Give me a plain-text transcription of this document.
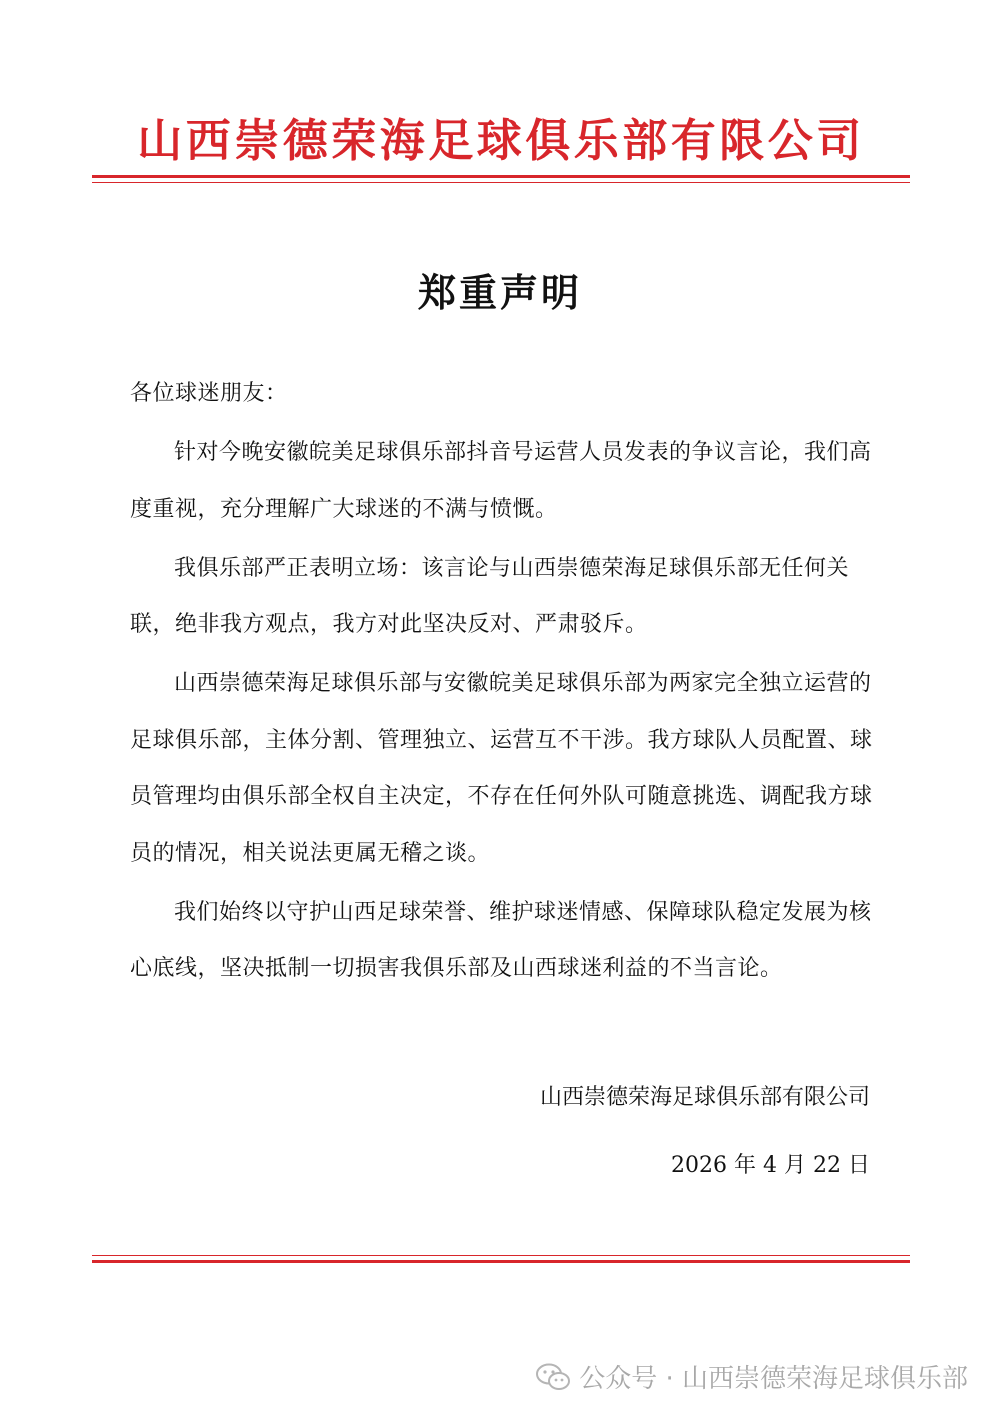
山西崇德荣海足球俱乐部有限公司
郑重声明

各位球迷朋友：

针对今晚安徽皖美足球俱乐部抖音号运营人员发表的争议言论，我们高度重视，充分理解广大球迷的不满与愤慨。

我俱乐部严正表明立场：该言论与山西崇德荣海足球俱乐部无任何关联，绝非我方观点，我方对此坚决反对、严肃驳斥。

山西崇德荣海足球俱乐部与安徽皖美足球俱乐部为两家完全独立运营的足球俱乐部，主体分割、管理独立、运营互不干涉。我方球队人员配置、球员管理均由俱乐部全权自主决定，不存在任何外队可随意挑选、调配我方球员的情况，相关说法更属无稽之谈。

我们始终以守护山西足球荣誉、维护球迷情感、保障球队稳定发展为核心底线，坚决抵制一切损害我俱乐部及山西球迷利益的不当言论。

山西崇德荣海足球俱乐部有限公司
2026 年 4 月 22 日
公众号 · 山西崇德荣海足球俱乐部
